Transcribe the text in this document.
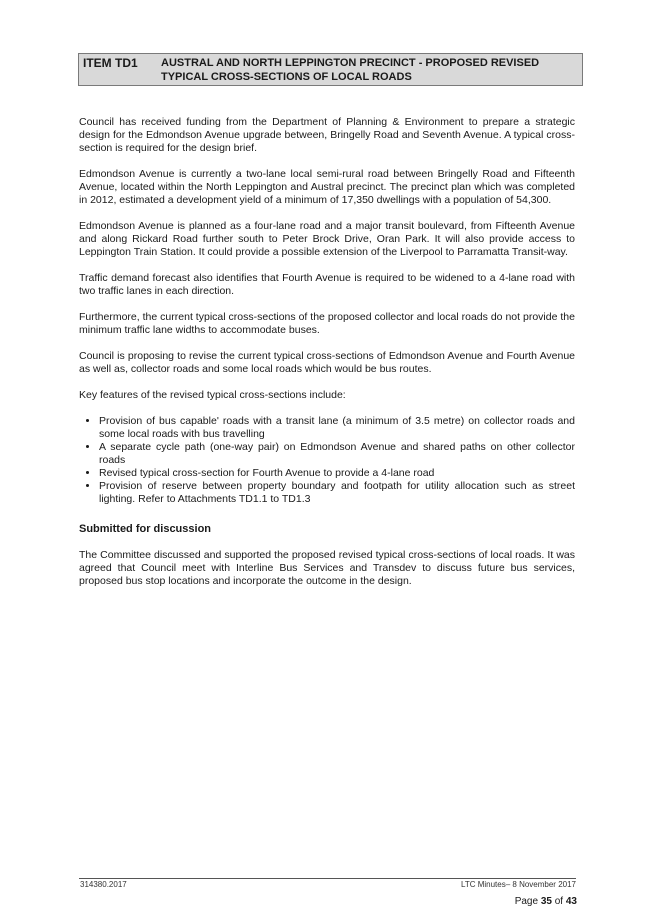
ITEM TD1 AUSTRAL AND NORTH LEPPINGTON PRECINCT - PROPOSED REVISED TYPICAL CROSS-SECTIONS OF LOCAL ROADS

Council has received funding from the Department of Planning & Environment to prepare a strategic design for the Edmondson Avenue upgrade between, Bringelly Road and Seventh Avenue. A typical cross-section is required for the design brief.

Edmondson Avenue is currently a two-lane local semi-rural road between Bringelly Road and Fifteenth Avenue, located within the North Leppington and Austral precinct. The precinct plan which was completed in 2012, estimated a development yield of a minimum of 17,350 dwellings with a population of 54,300.

Edmondson Avenue is planned as a four-lane road and a major transit boulevard, from Fifteenth Avenue and along Rickard Road further south to Peter Brock Drive, Oran Park. It will also provide access to Leppington Train Station. It could provide a possible extension of the Liverpool to Parramatta Transit-way.

Traffic demand forecast also identifies that Fourth Avenue is required to be widened to a 4-lane road with two traffic lanes in each direction.

Furthermore, the current typical cross-sections of the proposed collector and local roads do not provide the minimum traffic lane widths to accommodate buses.

Council is proposing to revise the current typical cross-sections of Edmondson Avenue and Fourth Avenue as well as, collector roads and some local roads which would be bus routes.

Key features of the revised typical cross-sections include:

• Provision of bus capable' roads with a transit lane (a minimum of 3.5 metre) on collector roads and some local roads with bus travelling
• A separate cycle path (one-way pair) on Edmondson Avenue and shared paths on other collector roads
• Revised typical cross-section for Fourth Avenue to provide a 4-lane road
• Provision of reserve between property boundary and footpath for utility allocation such as street lighting. Refer to Attachments TD1.1 to TD1.3

Submitted for discussion

The Committee discussed and supported the proposed revised typical cross-sections of local roads. It was agreed that Council meet with Interline Bus Services and Transdev to discuss future bus services, proposed bus stop locations and incorporate the outcome in the design.

314380.2017	LTC Minutes– 8 November 2017
Page 35 of 43
